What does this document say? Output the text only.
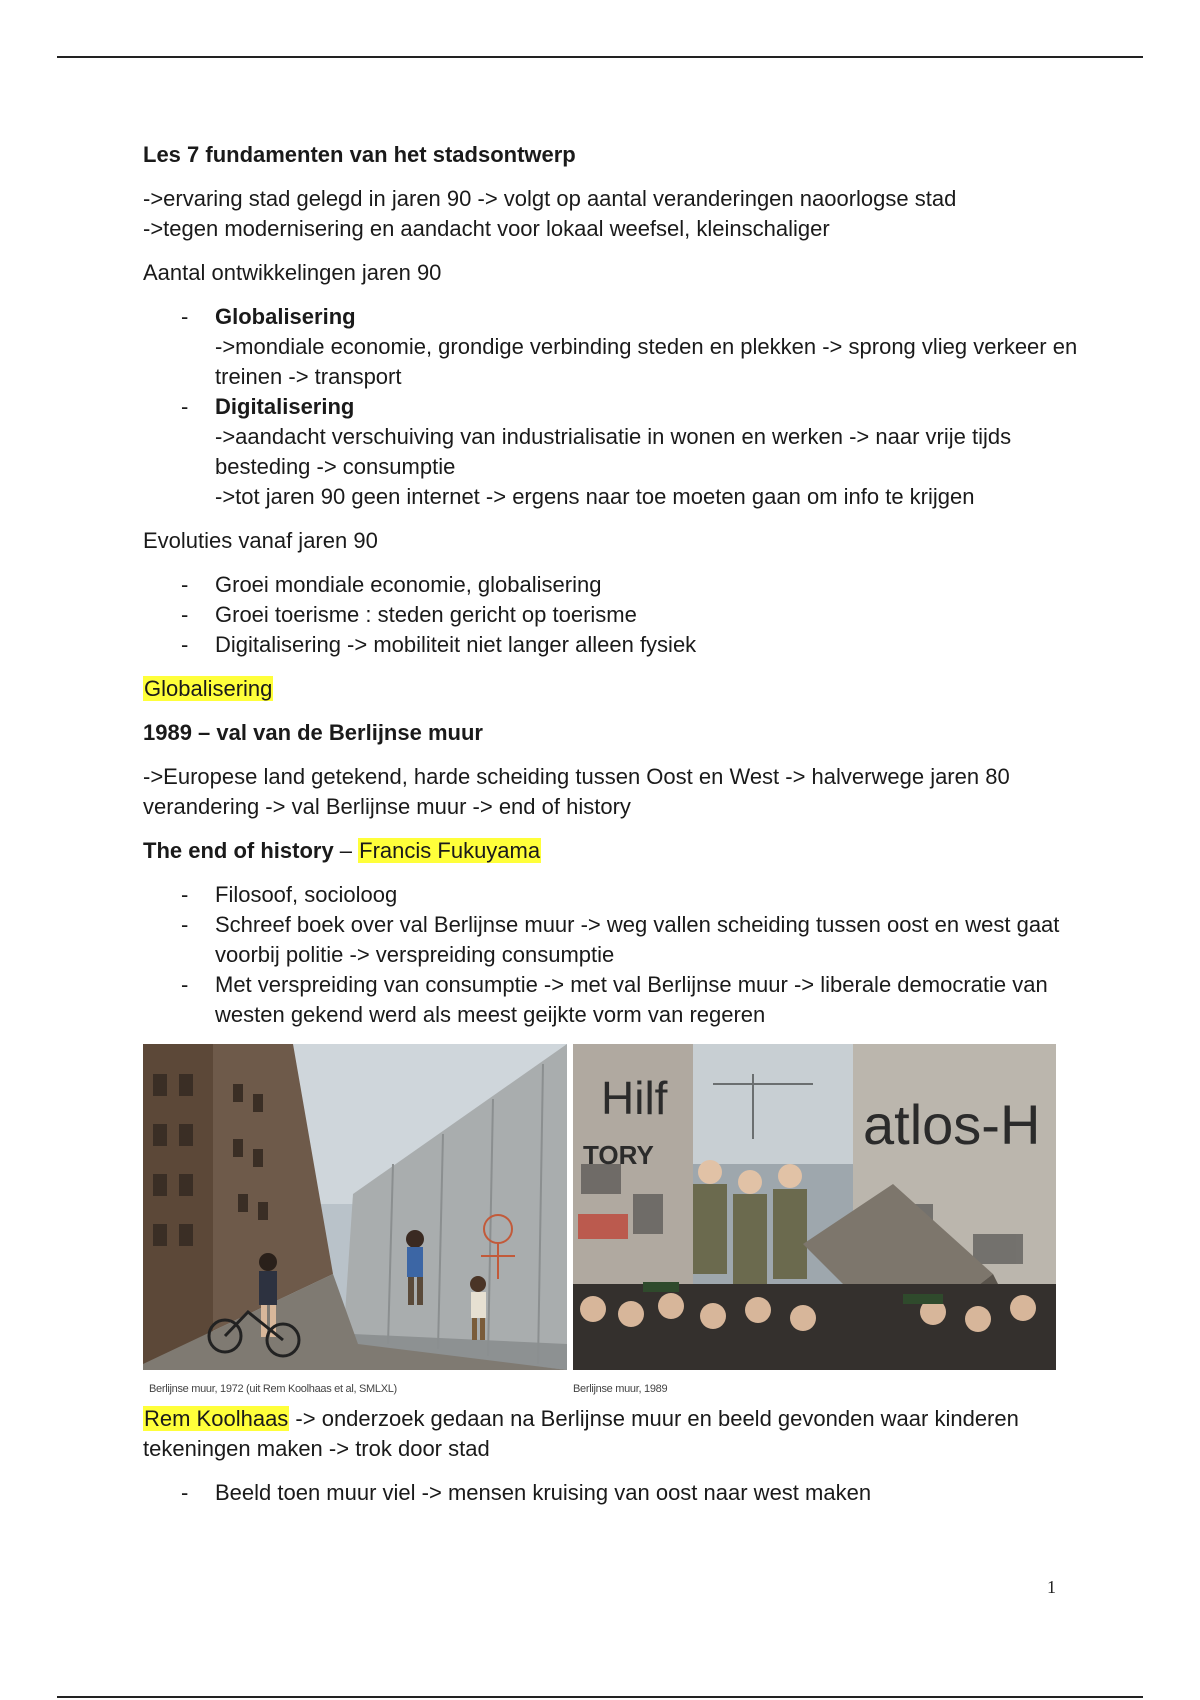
Les 7 fundamenten van het stadsontwerp

->ervaring stad gelegd in jaren 90 -> volgt op aantal veranderingen naoorlogse stad

->tegen modernisering en aandacht voor lokaal weefsel, kleinschaliger

Aantal ontwikkelingen jaren 90

- Globalisering
->mondiale economie, grondige verbinding steden en plekken -> sprong vlieg verkeer en treinen -> transport
- Digitalisering
->aandacht verschuiving van industrialisatie in wonen en werken -> naar vrije tijds besteding -> consumptie
->tot jaren 90 geen internet -> ergens naar toe moeten gaan om info te krijgen

Evoluties vanaf jaren 90

- Groei mondiale economie, globalisering
- Groei toerisme : steden gericht op toerisme
- Digitalisering -> mobiliteit niet langer alleen fysiek

Globalisering

1989 – val van de Berlijnse muur

->Europese land getekend, harde scheiding tussen Oost en West -> halverwege jaren 80 verandering -> val Berlijnse muur -> end of history

The end of history – Francis Fukuyama

- Filosoof, socioloog
- Schreef boek over val Berlijnse muur -> weg vallen scheiding tussen oost en west gaat voorbij politie -> verspreiding consumptie
- Met verspreiding van consumptie -> met val Berlijnse muur -> liberale democratie van westen gekend werd als meest geijkte vorm van regeren
Hilf
TORY	atlos-H
Berlijnse muur, 1972 (uit Rem Koolhaas et al, SMLXL)	Berlijnse muur, 1989

Rem Koolhaas -> onderzoek gedaan na Berlijnse muur en beeld gevonden waar kinderen tekeningen maken -> trok door stad

- Beeld toen muur viel -> mensen kruising van oost naar west maken
1
